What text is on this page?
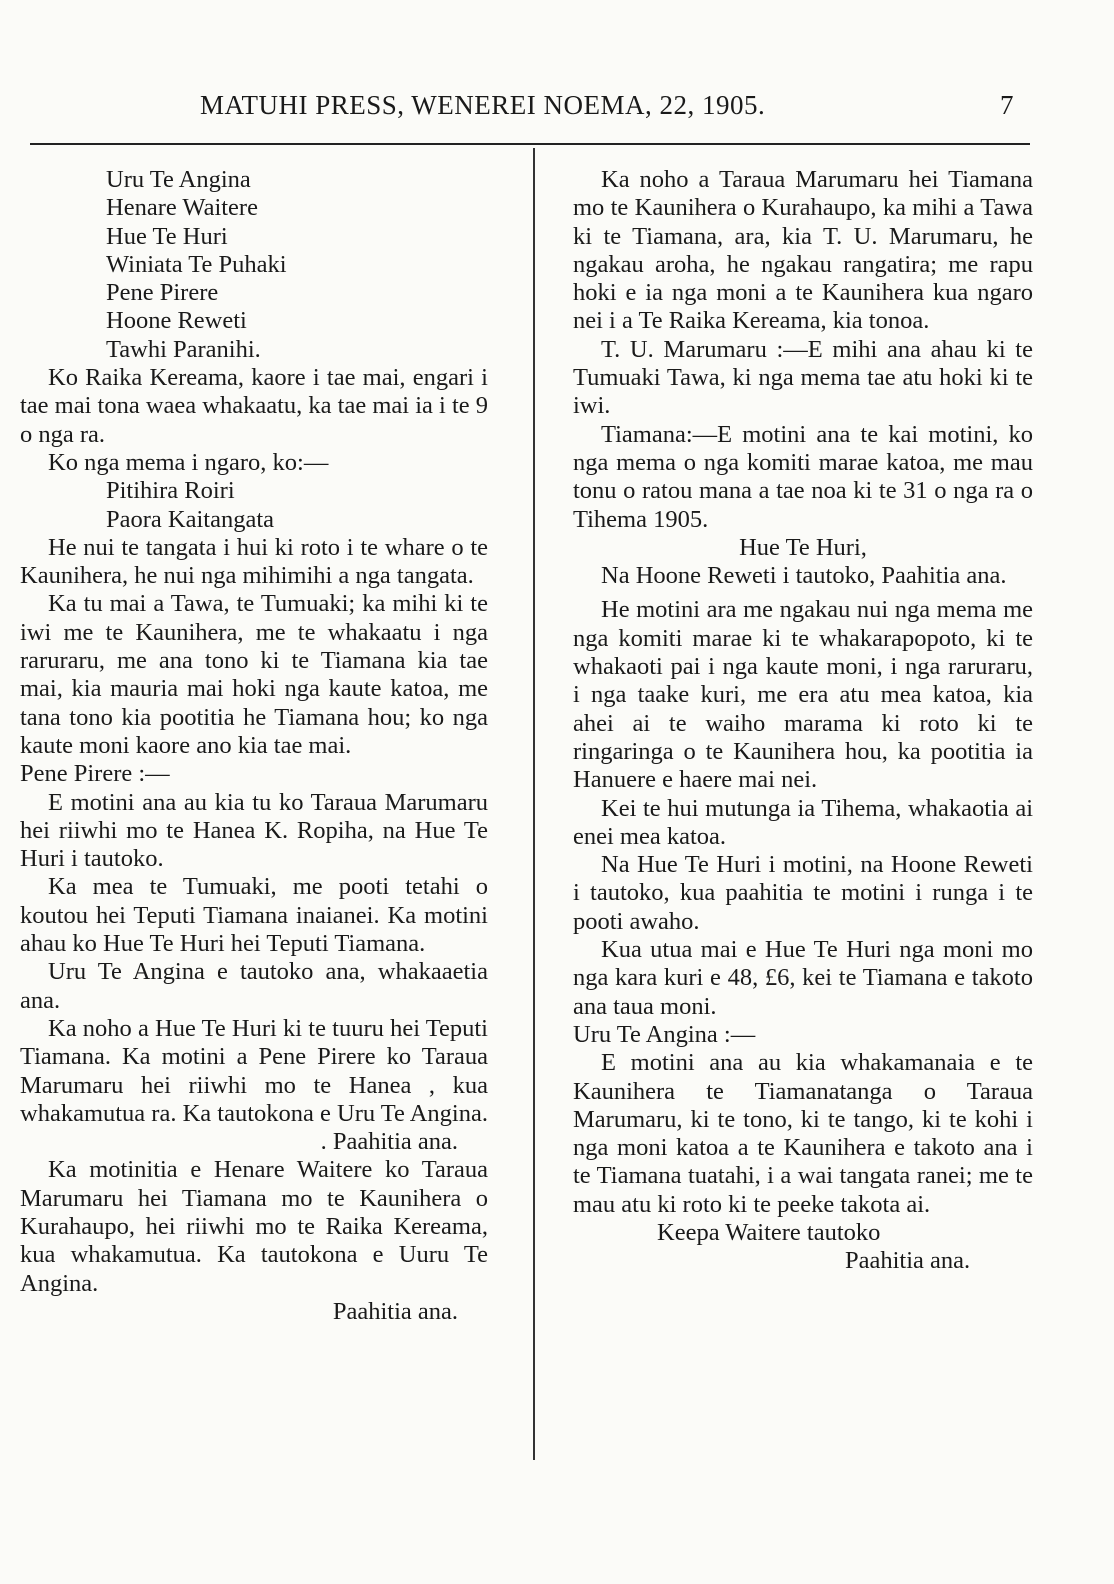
MATUHI PRESS, WENEREI NOEMA, 22, 1905.	7

Uru Te Angina

Henare Waitere

Hue Te Huri

Winiata Te Puhaki

Pene Pirere

Hoone Reweti

Tawhi Paranihi.

Ko Raika Kereama, kaore i tae mai, engari i tae mai tona waea whakaatu, ka tae mai ia i te 9 o nga ra.

Ko nga mema i ngaro, ko:—

Pitihira Roiri

Paora Kaitangata

He nui te tangata i hui ki roto i te whare o te Kaunihera, he nui nga mihimihi a nga tangata.

Ka tu mai a Tawa, te Tumuaki; ka mihi ki te iwi me te Kaunihera, me te whakaatu i nga raruraru, me ana tono ki te Tiamana kia tae mai, kia mauria mai hoki nga kaute katoa, me tana tono kia pootitia he Tiamana hou; ko nga kaute moni kaore ano kia tae mai.

Pene Pirere :—

E motini ana au kia tu ko Taraua Marumaru hei riiwhi mo te Hanea K. Ropiha, na Hue Te Huri i tautoko.

Ka mea te Tumuaki, me pooti tetahi o koutou hei Teputi Tiamana inaianei. Ka motini ahau ko Hue Te Huri hei Teputi Tiamana.

Uru Te Angina e tautoko ana, whakaaetia ana.

Ka noho a Hue Te Huri ki te tuuru hei Teputi Tiamana. Ka motini a Pene Pirere ko Taraua Marumaru hei riiwhi mo te Hanea , kua whakamutua ra. Ka tautokona e Uru Te Angina.

. Paahitia ana.

Ka motinitia e Henare Waitere ko Taraua Marumaru hei Tiamana mo te Kaunihera o Kurahaupo, hei riiwhi mo te Raika Kereama, kua whakamutua. Ka tautokona e Uuru Te Angina.

Paahitia ana.

Ka noho a Taraua Marumaru hei Tiamana mo te Kaunihera o Kurahaupo, ka mihi a Tawa ki te Tiamana, ara, kia T. U. Marumaru, he ngakau aroha, he ngakau rangatira; me rapu hoki e ia nga moni a te Kaunihera kua ngaro nei i a Te Raika Kereama, kia tonoa.

T. U. Marumaru :—E mihi ana ahau ki te Tumuaki Tawa, ki nga mema tae atu hoki ki te iwi.

Tiamana:—E motini ana te kai motini, ko nga mema o nga komiti marae katoa, me mau tonu o ratou mana a tae noa ki te 31 o nga ra o Tihema 1905.

Hue Te Huri,

Na Hoone Reweti i tautoko, Paahitia ana.

He motini ara me ngakau nui nga mema me nga komiti marae ki te whakarapopoto, ki te whakaoti pai i nga kaute moni, i nga raruraru, i nga taake kuri, me era atu mea katoa, kia ahei ai te waiho marama ki roto ki te ringaringa o te Kaunihera hou, ka pootitia ia Hanuere e haere mai nei.

Kei te hui mutunga ia Tihema, whakaotia ai enei mea katoa.

Na Hue Te Huri i motini, na Hoone Reweti i tautoko, kua paahitia te motini i runga i te pooti awaho.

Kua utua mai e Hue Te Huri nga moni mo nga kara kuri e 48, £6, kei te Tiamana e takoto ana taua moni.

Uru Te Angina :—

E motini ana au kia whakamanaia e te Kaunihera te Tiamanatanga o Taraua Marumaru, ki te tono, ki te tango, ki te kohi i nga moni katoa a te Kaunihera e takoto ana i te Tiamana tuatahi, i a wai tangata ranei; me te mau atu ki roto ki te peeke takota ai.

Keepa Waitere tautoko

Paahitia ana.
